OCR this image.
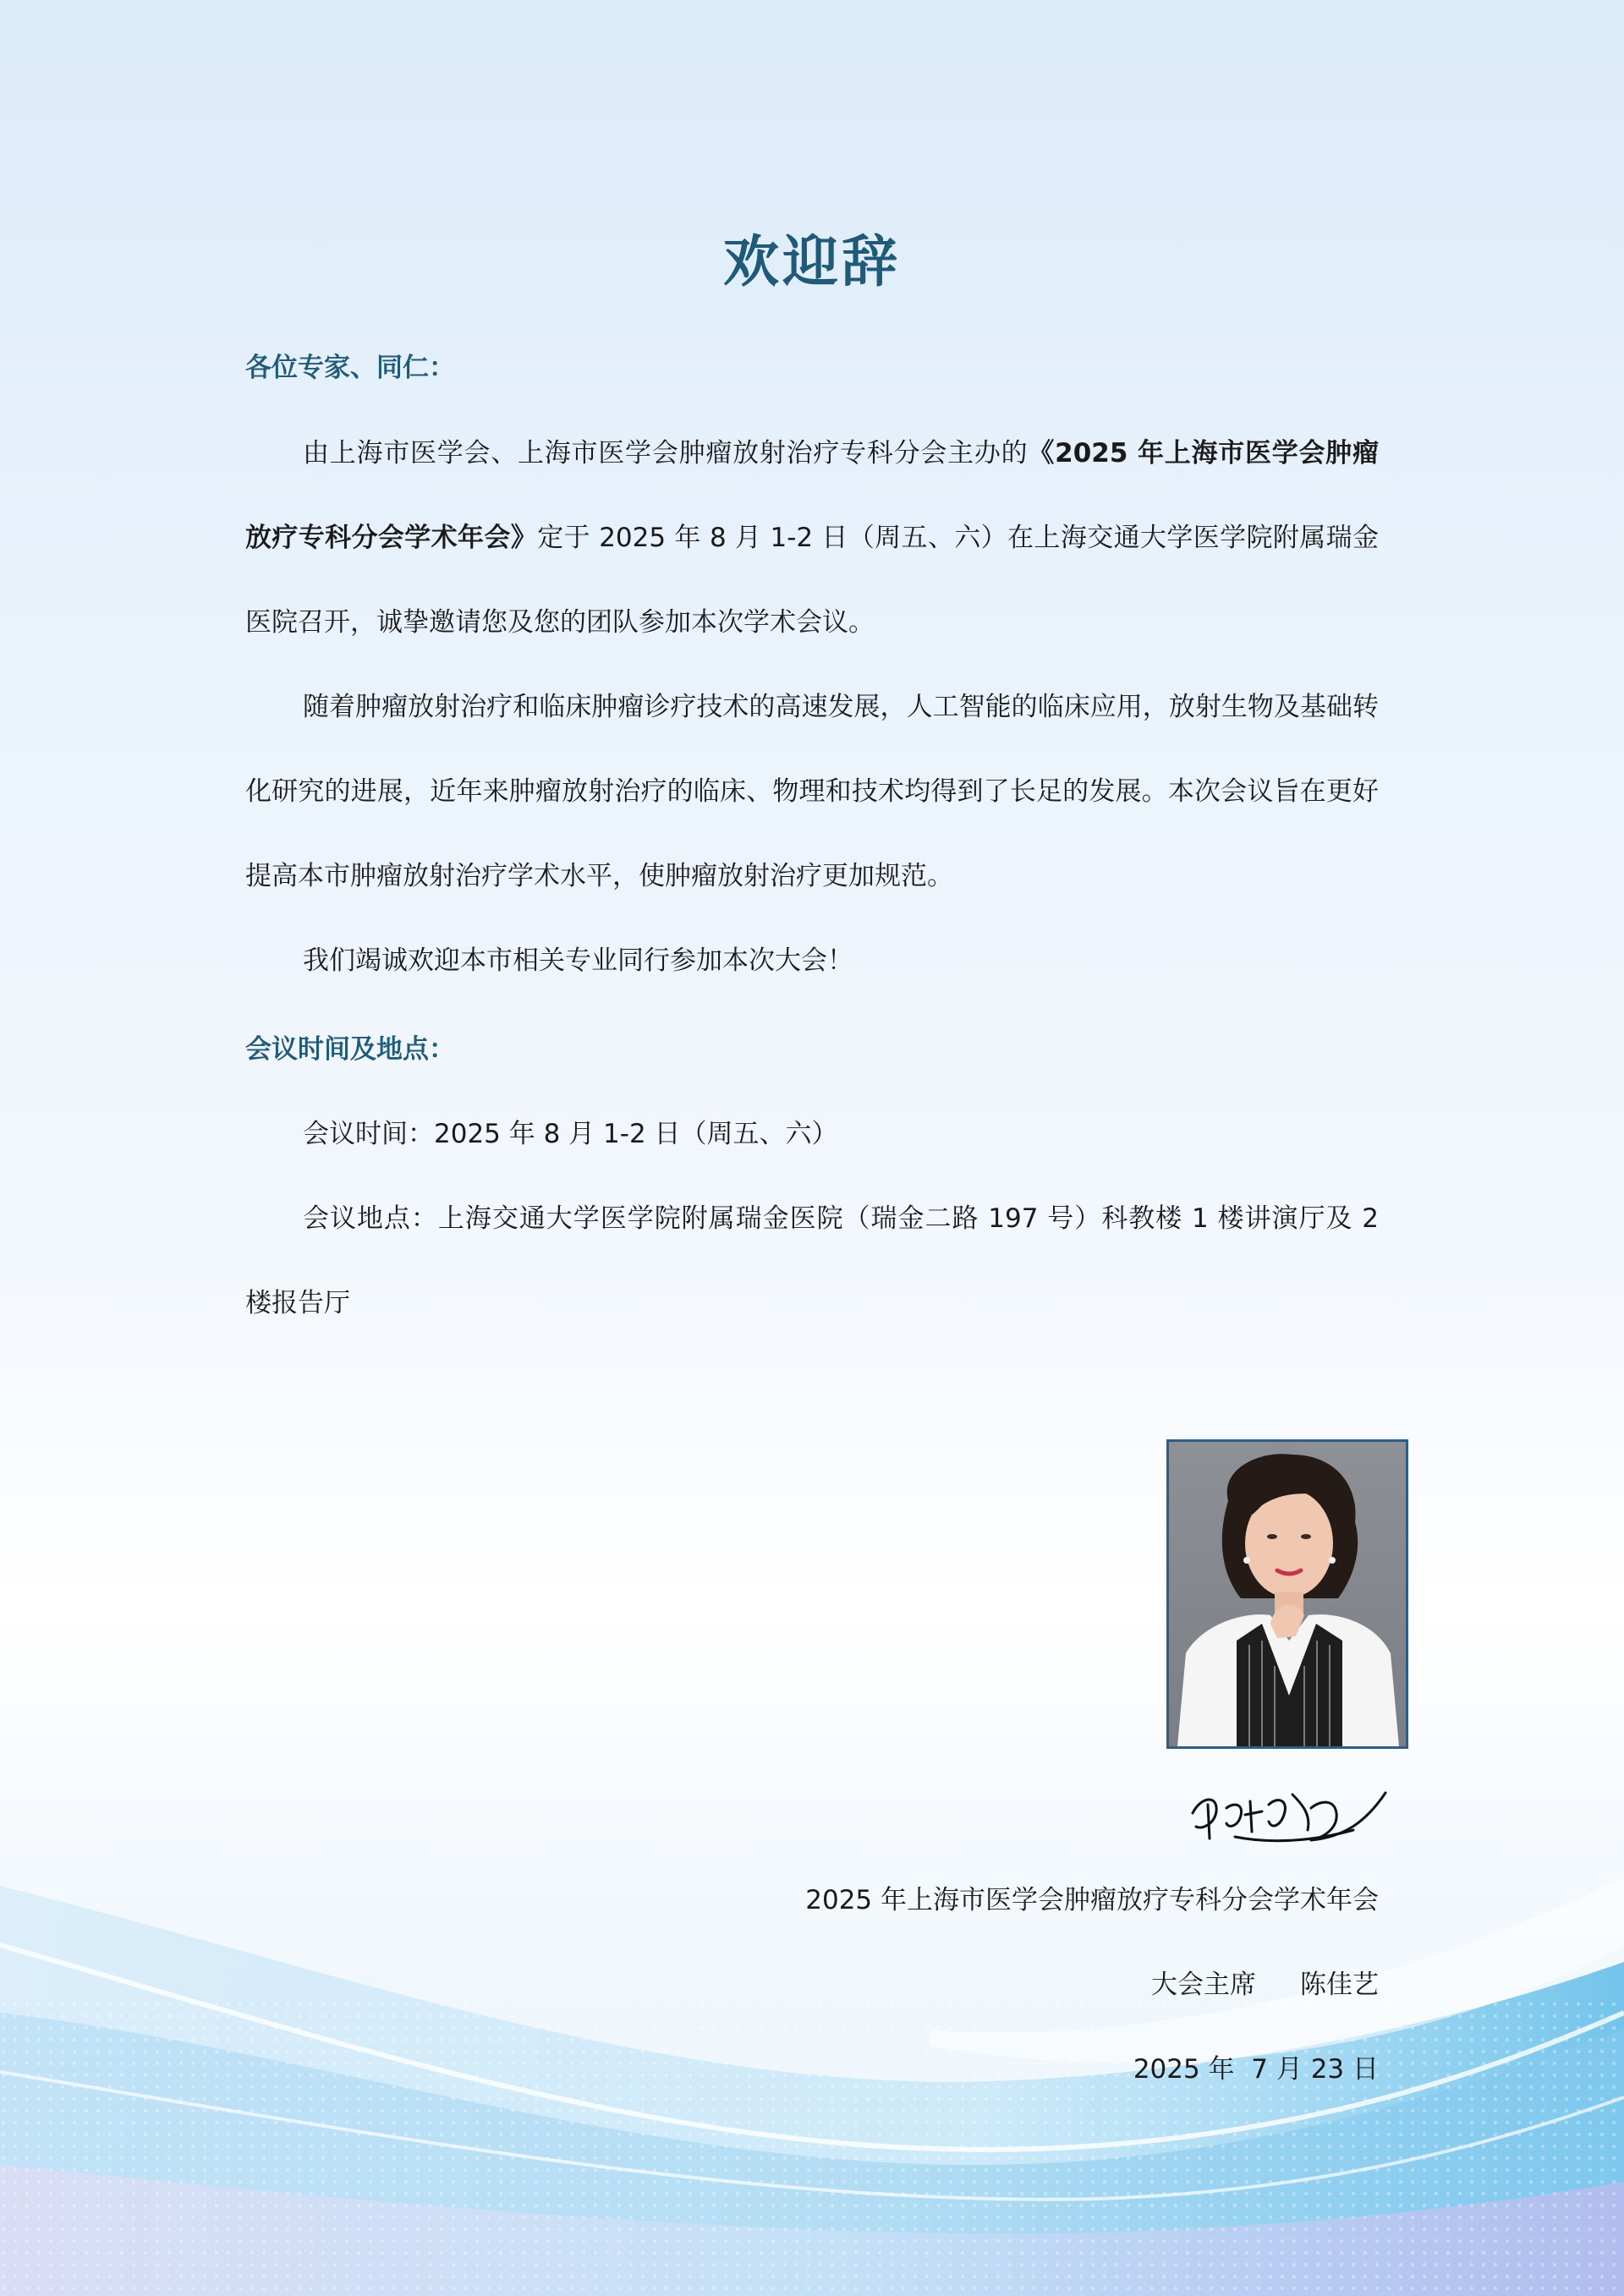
欢迎辞
各位专家、同仁：

由上海市医学会、上海市医学会肿瘤放射治疗专科分会主办的《2025 年上海市医学会肿瘤放疗专科分会学术年会》定于 2025 年 8 月 1-2 日（周五、六）在上海交通大学医学院附属瑞金医院召开，诚挚邀请您及您的团队参加本次学术会议。

随着肿瘤放射治疗和临床肿瘤诊疗技术的高速发展，人工智能的临床应用，放射生物及基础转化研究的进展，近年来肿瘤放射治疗的临床、物理和技术均得到了长足的发展。本次会议旨在更好提高本市肿瘤放射治疗学术水平，使肿瘤放射治疗更加规范。

我们竭诚欢迎本市相关专业同行参加本次大会！

会议时间及地点：
会议时间：2025 年 8 月 1-2 日（周五、六）
会议地点：上海交通大学医学院附属瑞金医院（瑞金二路 197 号）科教楼 1 楼讲演厅及 2 楼报告厅
2025 年上海市医学会肿瘤放疗专科分会学术年会
大会主席 陈佳艺
2025 年  7 月 23 日
